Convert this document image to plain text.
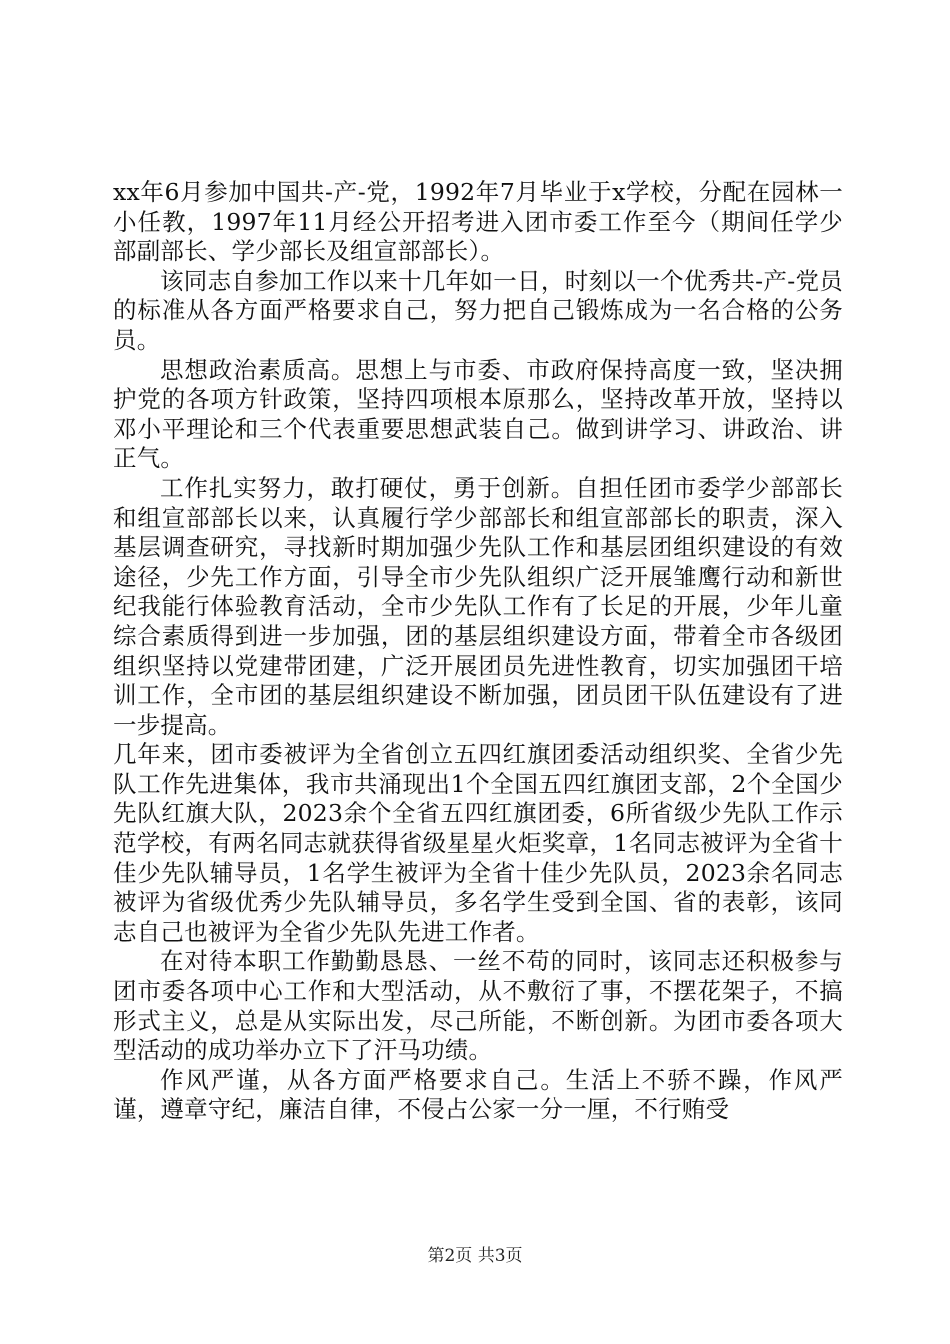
xx年6月参加中国共-产-党，1992年7月毕业于x学校，分配在园林一小任教，1997年11月经公开招考进入团市委工作至今（期间任学少部副部长、学少部长及组宣部部长）。

该同志自参加工作以来十几年如一日，时刻以一个优秀共-产-党员的标准从各方面严格要求自己，努力把自己锻炼成为一名合格的公务员。

思想政治素质高。思想上与市委、市政府保持高度一致，坚决拥护党的各项方针政策，坚持四项根本原那么，坚持改革开放，坚持以邓小平理论和三个代表重要思想武装自己。做到讲学习、讲政治、讲正气。

工作扎实努力，敢打硬仗，勇于创新。自担任团市委学少部部长和组宣部部长以来，认真履行学少部部长和组宣部部长的职责，深入基层调查研究，寻找新时期加强少先队工作和基层团组织建设的有效途径，少先工作方面，引导全市少先队组织广泛开展雏鹰行动和新世纪我能行体验教育活动，全市少先队工作有了长足的开展，少年儿童综合素质得到进一步加强，团的基层组织建设方面，带着全市各级团组织坚持以党建带团建，广泛开展团员先进性教育，切实加强团干培训工作，全市团的基层组织建设不断加强，团员团干队伍建设有了进一步提高。

几年来，团市委被评为全省创立五四红旗团委活动组织奖、全省少先队工作先进集体，我市共涌现出1个全国五四红旗团支部，2个全国少先队红旗大队，2023余个全省五四红旗团委，6所省级少先队工作示范学校，有两名同志就获得省级星星火炬奖章，1名同志被评为全省十佳少先队辅导员，1名学生被评为全省十佳少先队员，2023余名同志被评为省级优秀少先队辅导员，多名学生受到全国、省的表彰，该同志自己也被评为全省少先队先进工作者。

在对待本职工作勤勤恳恳、一丝不苟的同时，该同志还积极参与团市委各项中心工作和大型活动，从不敷衍了事，不摆花架子，不搞形式主义，总是从实际出发，尽己所能，不断创新。为团市委各项大型活动的成功举办立下了汗马功绩。

作风严谨，从各方面严格要求自己。生活上不骄不躁，作风严谨，遵章守纪，廉洁自律，不侵占公家一分一厘，不行贿受

第2页 共3页
